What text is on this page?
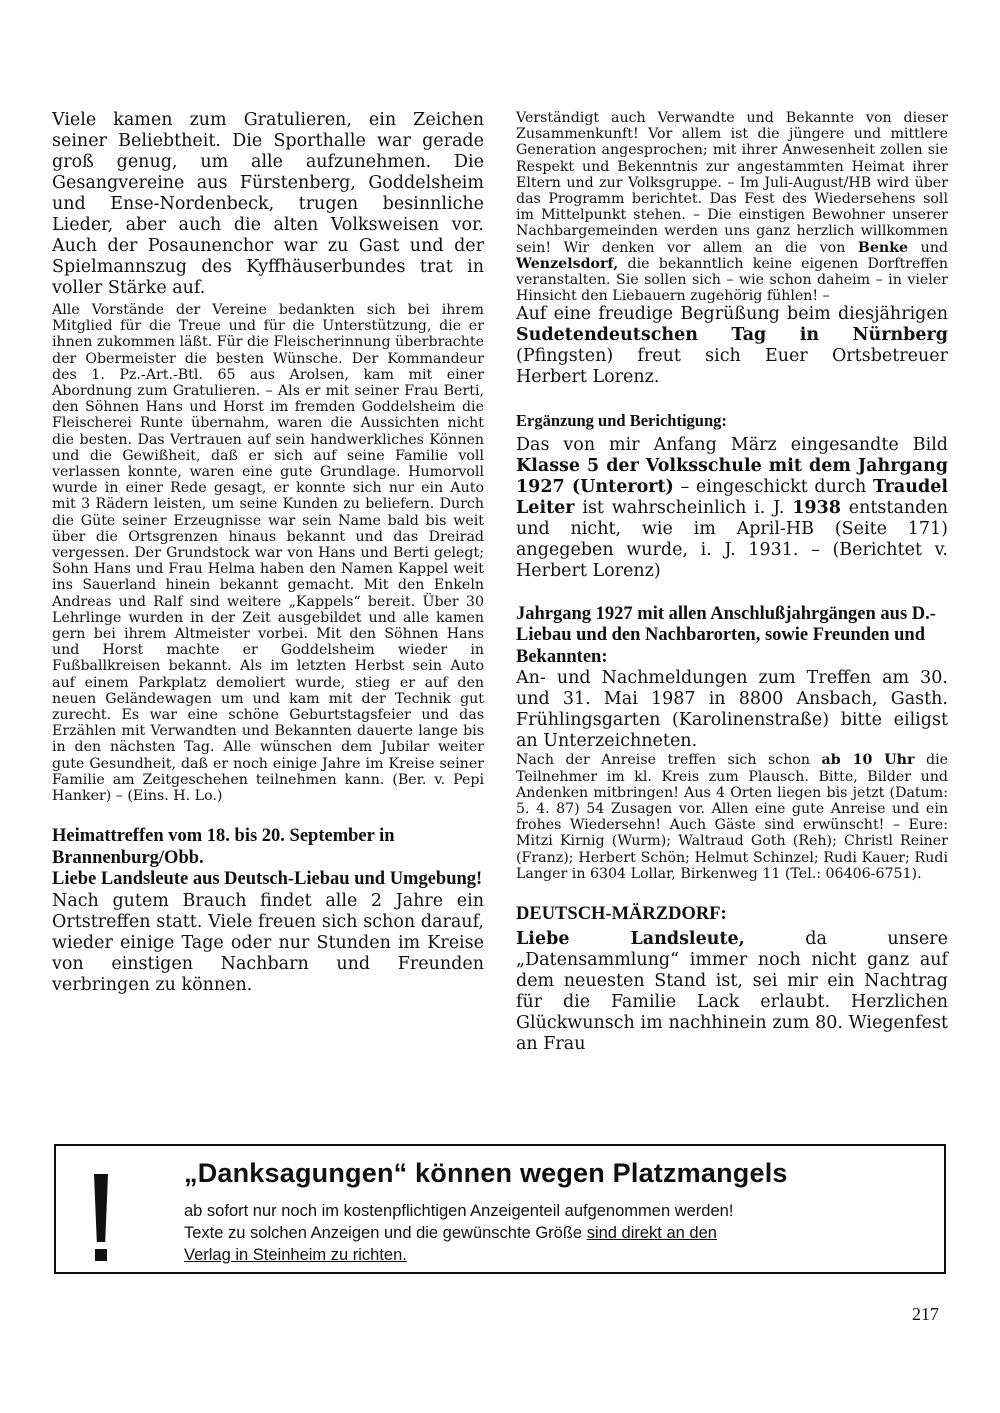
Viele kamen zum Gratulieren, ein Zeichen seiner Beliebtheit. Die Sporthalle war gerade groß genug, um alle aufzunehmen. Die Gesangvereine aus Fürstenberg, Goddelsheim und Ense-Nordenbeck, trugen besinnliche Lieder, aber auch die alten Volksweisen vor. Auch der Posaunenchor war zu Gast und der Spielmannszug des Kyffhäuserbundes trat in voller Stärke auf.

Alle Vorstände der Vereine bedankten sich bei ihrem Mitglied für die Treue und für die Unterstützung, die er ihnen zukommen läßt. Für die Fleischerinnung überbrachte der Obermeister die besten Wünsche. Der Kommandeur des 1. Pz.-Art.-Btl. 65 aus Arolsen, kam mit einer Abordnung zum Gratulieren. – Als er mit seiner Frau Berti, den Söhnen Hans und Horst im fremden Goddelsheim die Fleischerei Runte übernahm, waren die Aussichten nicht die besten. Das Vertrauen auf sein handwerkliches Können und die Gewißheit, daß er sich auf seine Familie voll verlassen konnte, waren eine gute Grundlage. Humorvoll wurde in einer Rede gesagt, er konnte sich nur ein Auto mit 3 Rädern leisten, um seine Kunden zu beliefern. Durch die Güte seiner Erzeugnisse war sein Name bald bis weit über die Ortsgrenzen hinaus bekannt und das Dreirad vergessen. Der Grundstock war von Hans und Berti gelegt; Sohn Hans und Frau Helma haben den Namen Kappel weit ins Sauerland hinein bekannt gemacht. Mit den Enkeln Andreas und Ralf sind weitere „Kappels“ bereit. Über 30 Lehrlinge wurden in der Zeit ausgebildet und alle kamen gern bei ihrem Altmeister vorbei. Mit den Söhnen Hans und Horst machte er Goddelsheim wieder in Fußballkreisen bekannt. Als im letzten Herbst sein Auto auf einem Parkplatz demoliert wurde, stieg er auf den neuen Geländewagen um und kam mit der Technik gut zurecht. Es war eine schöne Geburtstagsfeier und das Erzählen mit Verwandten und Bekannten dauerte lange bis in den nächsten Tag. Alle wünschen dem Jubilar weiter gute Gesundheit, daß er noch einige Jahre im Kreise seiner Familie am Zeitgeschehen teilnehmen kann. (Ber. v. Pepi Hanker) – (Eins. H. Lo.)

Heimattreffen vom 18. bis 20. September in Brannenburg/Obb.

Liebe Landsleute aus Deutsch-Liebau und Umgebung!

Nach gutem Brauch findet alle 2 Jahre ein Ortstreffen statt. Viele freuen sich schon darauf, wieder einige Tage oder nur Stunden im Kreise von einstigen Nachbarn und Freunden verbringen zu können.

Verständigt auch Verwandte und Bekannte von dieser Zusammenkunft! Vor allem ist die jüngere und mittlere Generation angesprochen; mit ihrer Anwesenheit zollen sie Respekt und Bekenntnis zur angestammten Heimat ihrer Eltern und zur Volksgruppe. – Im Juli-August/HB wird über das Programm berichtet. Das Fest des Wiedersehens soll im Mittelpunkt stehen. – Die einstigen Bewohner unserer Nachbargemeinden werden uns ganz herzlich willkommen sein! Wir denken vor allem an die von Benke und Wenzelsdorf, die bekanntlich keine eigenen Dorftreffen veranstalten. Sie sollen sich – wie schon daheim – in vieler Hinsicht den Liebauern zugehörig fühlen! –

Auf eine freudige Begrüßung beim diesjährigen Sudetendeutschen Tag in Nürnberg (Pfingsten) freut sich Euer Ortsbetreuer Herbert Lorenz.

Ergänzung und Berichtigung:

Das von mir Anfang März eingesandte Bild Klasse 5 der Volksschule mit dem Jahrgang 1927 (Unterort) – eingeschickt durch Traudel Leiter ist wahrscheinlich i. J. 1938 entstanden und nicht, wie im April-HB (Seite 171) angegeben wurde, i. J. 1931. – (Berichtet v. Herbert Lorenz)

Jahrgang 1927 mit allen Anschlußjahrgängen aus D.-Liebau und den Nachbarorten, sowie Freunden und Bekannten:

An- und Nachmeldungen zum Treffen am 30. und 31. Mai 1987 in 8800 Ansbach, Gasth. Frühlingsgarten (Karolinenstraße) bitte eiligst an Unterzeichneten.

Nach der Anreise treffen sich schon ab 10 Uhr die Teilnehmer im kl. Kreis zum Plausch. Bitte, Bilder und Andenken mitbringen! Aus 4 Orten liegen bis jetzt (Datum: 5. 4. 87) 54 Zusagen vor. Allen eine gute Anreise und ein frohes Wiedersehn! Auch Gäste sind erwünscht! – Eure: Mitzi Kirnig (Wurm); Waltraud Goth (Reh); Christl Reiner (Franz); Herbert Schön; Helmut Schinzel; Rudi Kauer; Rudi Langer in 6304 Lollar, Birkenweg 11 (Tel.: 06406-6751).

DEUTSCH-MÄRZDORF:

Liebe Landsleute,	da unsere „Datensammlung“ immer noch nicht ganz auf dem neuesten Stand ist, sei mir ein Nachtrag für die Familie Lack erlaubt. Herzlichen Glückwunsch im nachhinein zum 80. Wiegenfest an Frau

„Danksagungen“ können wegen Platzmangels
ab sofort nur noch im kostenpflichtigen Anzeigenteil aufgenommen werden!
Texte zu solchen Anzeigen und die gewünschte Größe sind direkt an den
Verlag in Steinheim zu richten.
217
